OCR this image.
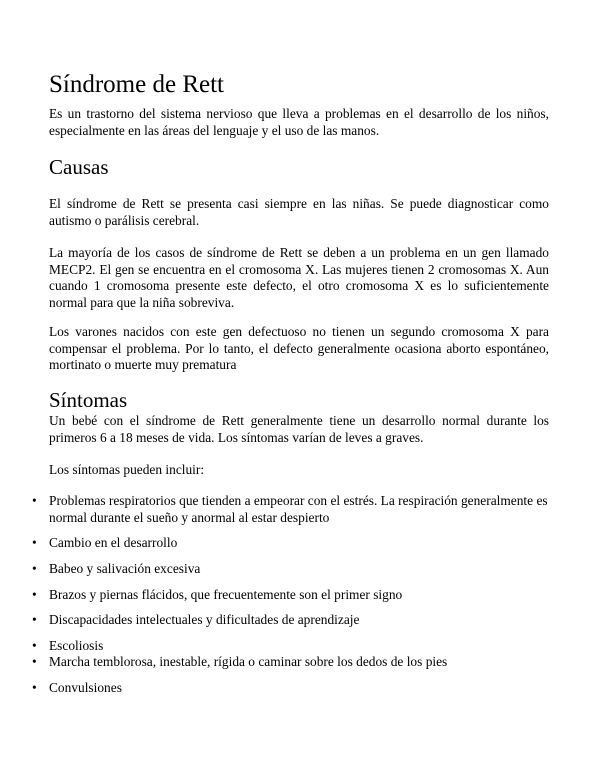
Síndrome de Rett

Es un trastorno del sistema nervioso que lleva a problemas en el desarrollo de los niños, especialmente en las áreas del lenguaje y el uso de las manos.

Causas

El síndrome de Rett se presenta casi siempre en las niñas. Se puede diagnosticar como autismo o parálisis cerebral.

La mayoría de los casos de síndrome de Rett se deben a un problema en un gen llamado MECP2. El gen se encuentra en el cromosoma X. Las mujeres tienen 2 cromosomas X. Aun cuando 1 cromosoma presente este defecto, el otro cromosoma X es lo suficientemente normal para que la niña sobreviva.

Los varones nacidos con este gen defectuoso no tienen un segundo cromosoma X para compensar el problema. Por lo tanto, el defecto generalmente ocasiona aborto espontáneo, mortinato o muerte muy prematura

Síntomas

Un bebé con el síndrome de Rett generalmente tiene un desarrollo normal durante los primeros 6 a 18 meses de vida. Los síntomas varían de leves a graves.

Los síntomas pueden incluir:

• Problemas respiratorios que tienden a empeorar con el estrés. La respiración generalmente es normal durante el sueño y anormal al estar despierto
• Cambio en el desarrollo
• Babeo y salivación excesiva
• Brazos y piernas flácidos, que frecuentemente son el primer signo
• Discapacidades intelectuales y dificultades de aprendizaje
• Escoliosis
• Marcha temblorosa, inestable, rígida o caminar sobre los dedos de los pies
• Convulsiones
